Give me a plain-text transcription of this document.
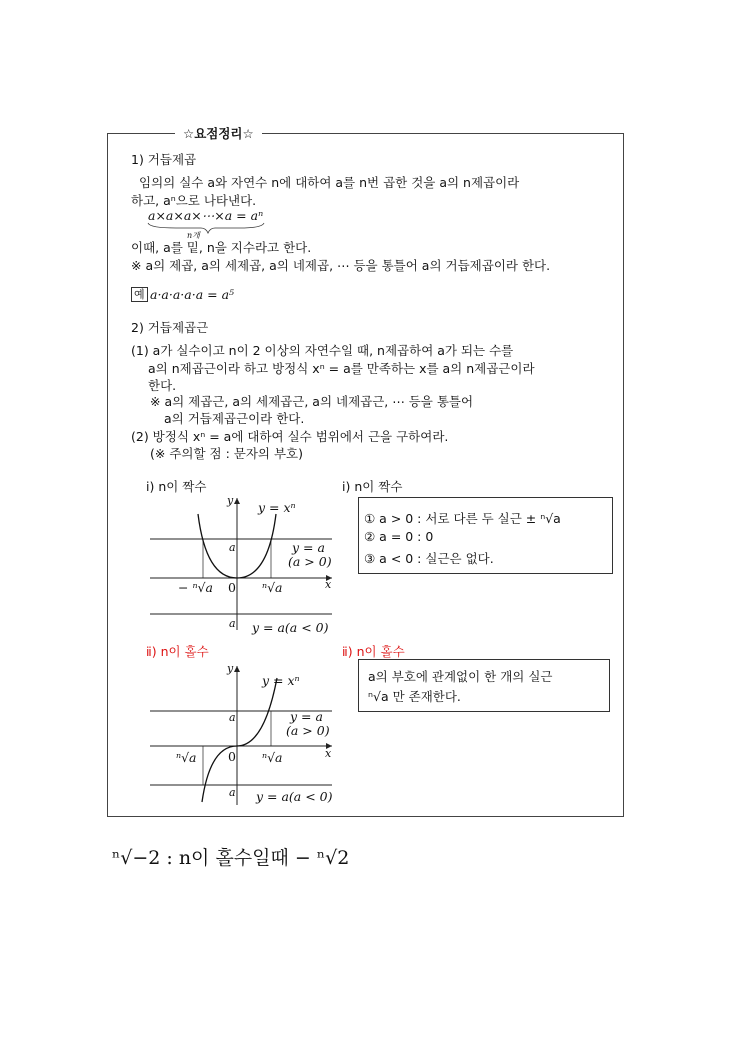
☆요점정리☆
1) 거듭제곱
임의의 실수 a와 자연수 n에 대하여 a를 n번 곱한 것을 a의 n제곱이라
하고, aⁿ으로 나타낸다.
a×a×a×⋯×a = aⁿ
n개
이때, a를 밑, n을 지수라고 한다.
※ a의 제곱, a의 세제곱, a의 네제곱, ⋯ 등을 통틀어 a의 거듭제곱이라 한다.
예 a·a·a·a·a = a⁵
2) 거듭제곱근
(1) a가 실수이고 n이 2 이상의 자연수일 때, n제곱하여 a가 되는 수를
a의 n제곱근이라 하고 방정식 xⁿ = a를 만족하는 x를 a의 n제곱근이라
한다.
※ a의 제곱근, a의 세제곱근, a의 네제곱근, ⋯ 등을 통틀어
a의 거듭제곱근이라 한다.
(2) 방정식 xⁿ = a에 대하여 실수 범위에서 근을 구하여라.
(※ 주의할 점 : 문자의 부호)
ⅰ) n이 짝수	ⅰ) n이 짝수
y y = xⁿ
a	y = a
(a > 0)
− ⁿ√a 0 ⁿ√a	x
a y = a(a < 0)
① a > 0 : 서로 다른 두 실근 ± ⁿ√a
② a = 0 : 0
③ a < 0 : 실근은 없다.
ⅱ) n이 홀수	ⅱ) n이 홀수
y
y = xⁿ
a	y = a
(a > 0)
ⁿ√a	0 ⁿ√a	x
a y = a(a < 0)
a의 부호에 관계없이 한 개의 실근
ⁿ√a 만 존재한다.
ⁿ√−2 : n이 홀수일때 − ⁿ√2
